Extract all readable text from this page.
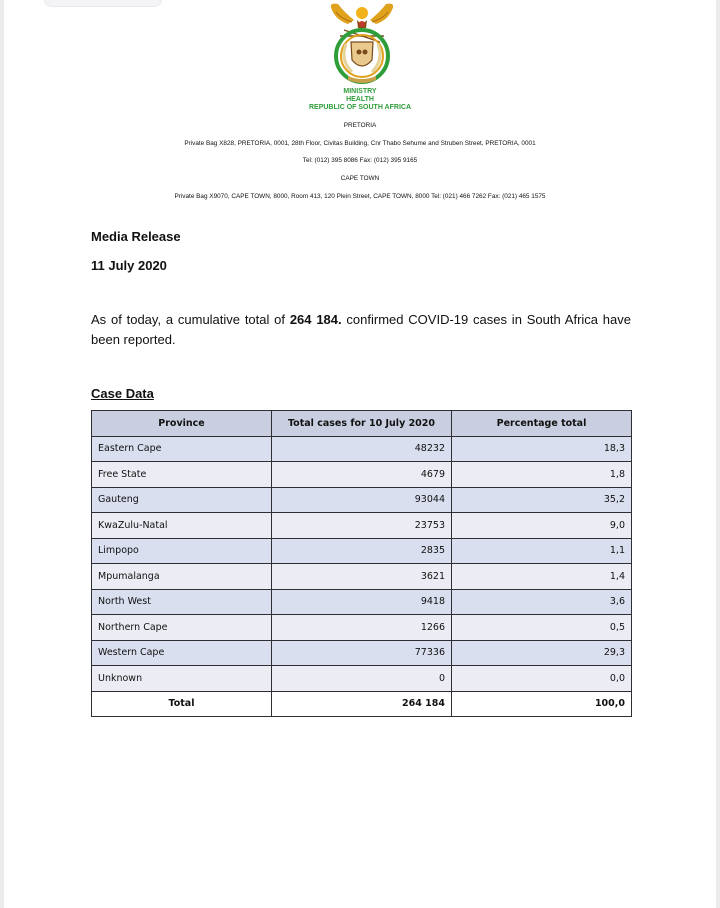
MINISTRY
HEALTH
REPUBLIC OF SOUTH AFRICA
PRETORIA
Private Bag X828, PRETORIA, 0001, 28th Floor, Civitas Building, Cnr Thabo Sehume and Struben Street, PRETORIA, 0001
Tel: (012) 395 8086 Fax: (012) 395 9165
CAPE TOWN
Private Bag X9070, CAPE TOWN, 8000, Room 413, 120 Plein Street, CAPE TOWN, 8000 Tel: (021) 466 7262 Fax: (021) 465 1575
Media Release
11 July 2020
As of today, a cumulative total of 264 184. confirmed COVID-19 cases in South Africa have been reported.
Case Data
Province	Total cases for 10 July 2020	Percentage total
Eastern Cape	48232	18,3
Free State	4679	1,8
Gauteng	93044	35,2
KwaZulu-Natal	23753	9,0
Limpopo	2835	1,1
Mpumalanga	3621	1,4
North West	9418	3,6
Northern Cape	1266	0,5
Western Cape	77336	29,3
Unknown	0	0,0
Total	264 184	100,0
